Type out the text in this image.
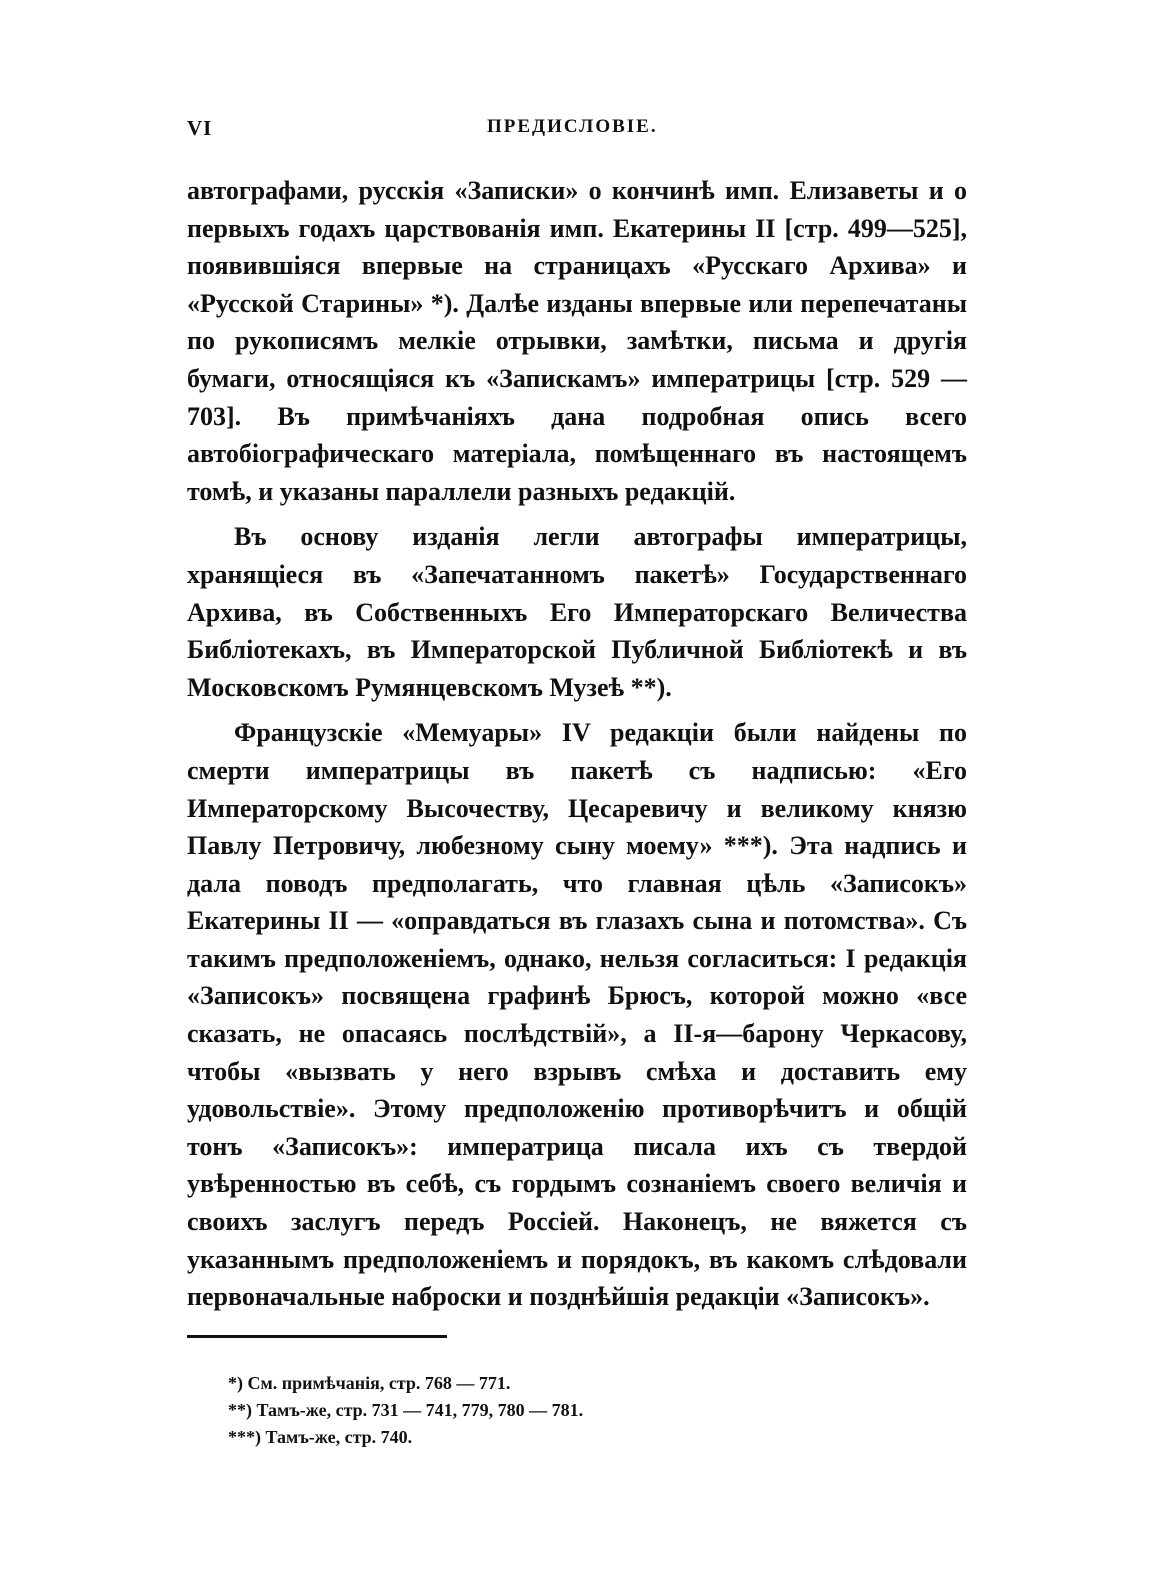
VI	ПРЕДИСЛОВІЕ.

автографами, русскія «Записки» о кончинѣ имп. Елизаветы и о первыхъ годахъ царствованія имп. Екатерины II [стр. 499—525], появившіяся впервые на страницахъ «Русскаго Архива» и «Русской Старины» *). Далѣе изданы впервые или перепечатаны по рукописямъ мелкіе отрывки, замѣтки, письма и другія бумаги, относящіяся къ «Запискамъ» императрицы [стр. 529 — 703]. Въ примѣчаніяхъ дана подробная опись всего автобіографическаго матеріала, помѣщеннаго въ настоящемъ томѣ, и указаны параллели разныхъ редакцій.

Въ основу изданія легли автографы императрицы, хранящіеся въ «Запечатанномъ пакетѣ» Государственнаго Архива, въ Собственныхъ Его Императорскаго Величества Библіотекахъ, въ Императорской Публичной Библіотекѣ и въ Московскомъ Румянцевскомъ Музеѣ **).

Французскіе «Мемуары» IV редакціи были найдены по смерти императрицы въ пакетѣ съ надписью: «Его Императорскому Высочеству, Цесаревичу и великому князю Павлу Петровичу, любезному сыну моему» ***). Эта надпись и дала поводъ предполагать, что главная цѣль «Записокъ» Екатерины II — «оправдаться въ глазахъ сына и потомства». Съ такимъ предположеніемъ, однако, нельзя согласиться: I редакція «Записокъ» посвящена графинѣ Брюсъ, которой можно «все сказать, не опасаясь послѣдствій», а II-я—барону Черкасову, чтобы «вызвать у него взрывъ смѣха и доставить ему удовольствіе». Этому предположенію противорѣчитъ и общій тонъ «Записокъ»: императрица писала ихъ съ твердой увѣренностью въ себѣ, съ гордымъ сознаніемъ своего величія и своихъ заслугъ передъ Россіей. Наконецъ, не вяжется съ указаннымъ предположеніемъ и порядокъ, въ какомъ слѣдовали первоначальные наброски и позднѣйшія редакціи «Записокъ».

*) См. примѣчанія, стр. 768 — 771.
**) Тамъ-же, стр. 731 — 741, 779, 780 — 781.
***) Тамъ-же, стр. 740.
